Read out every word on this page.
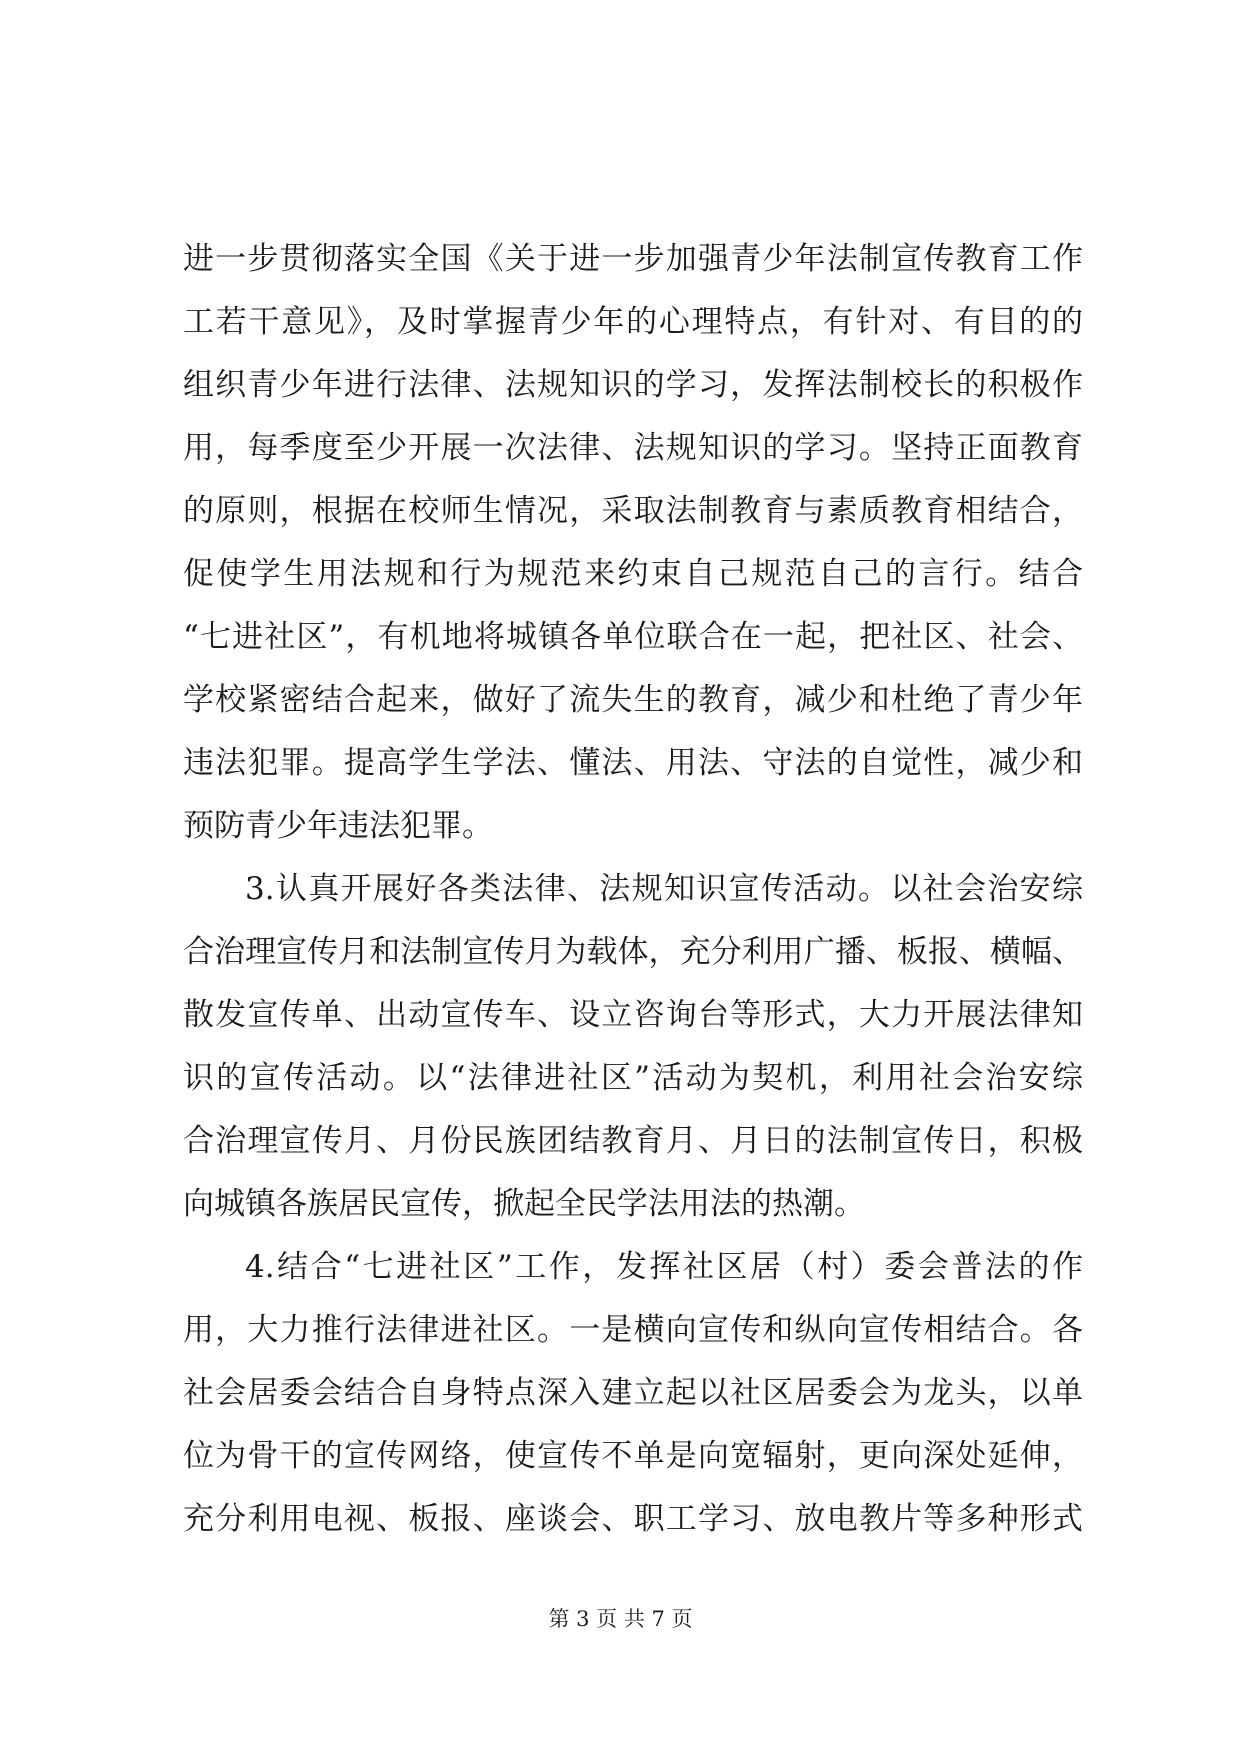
进一步贯彻落实全国《关于进一步加强青少年法制宣传教育工作
工若干意见》，及时掌握青少年的心理特点，有针对、有目的的
组织青少年进行法律、法规知识的学习，发挥法制校长的积极作
用，每季度至少开展一次法律、法规知识的学习。坚持正面教育
的原则，根据在校师生情况，采取法制教育与素质教育相结合，
促使学生用法规和行为规范来约束自己规范自己的言行。结合
“七进社区”，有机地将城镇各单位联合在一起，把社区、社会、
学校紧密结合起来，做好了流失生的教育，减少和杜绝了青少年
违法犯罪。提高学生学法、懂法、用法、守法的自觉性，减少和
预防青少年违法犯罪。
3.认真开展好各类法律、法规知识宣传活动。以社会治安综
合治理宣传月和法制宣传月为载体，充分利用广播、板报、横幅、
散发宣传单、出动宣传车、设立咨询台等形式，大力开展法律知
识的宣传活动。以“法律进社区”活动为契机，利用社会治安综
合治理宣传月、月份民族团结教育月、月日的法制宣传日，积极
向城镇各族居民宣传，掀起全民学法用法的热潮。
4.结合“七进社区”工作，发挥社区居（村）委会普法的作
用，大力推行法律进社区。一是横向宣传和纵向宣传相结合。各
社会居委会结合自身特点深入建立起以社区居委会为龙头，以单
位为骨干的宣传网络，使宣传不单是向宽辐射，更向深处延伸，
充分利用电视、板报、座谈会、职工学习、放电教片等多种形式
第 3 页 共 7 页
